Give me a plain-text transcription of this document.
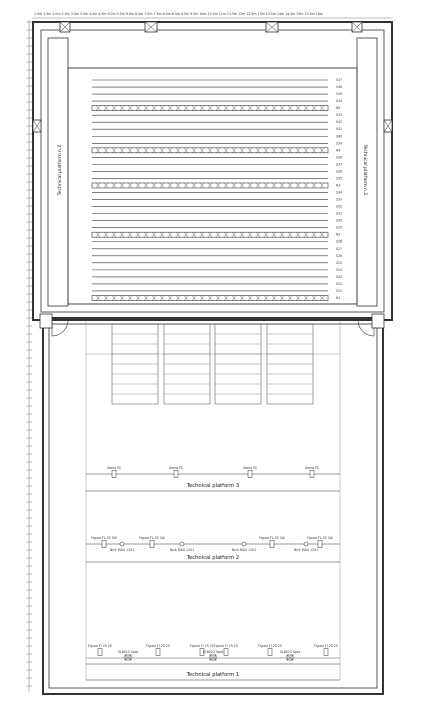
1.0m 1.5m 2.0m 2.5m 3.0m 3.5m 4.0m 4.5m 5.0m 5.5m 6.0m 6.5m 7.0m 7.5m 8.0m 8.5m 9.0m 9.5m 10m 10.5m 11m 11.5m 12m 12.5m 13m 13.5m 14m 14.5m 15m 15.5m 16m
Technical platform n.2	Technical platform n.2
S47
S46
S45
S44
N5
S43
S42
S41
S40
S39
N4
S38
S37
S36
S35
N3
S34
S33
S32
S31
S30
S29
N2
S28
S27
S26
S25
S24
S23
S22
S21
N1
Arena PC	Arena PC	Arena PC	Arena PC
Technical platform 3
Figura FL 25 2W	Figura FL 25 2W	Figura FL 25 2W	Figura FL 25 2W
Nick MAG 1201	Nick MAG 1201	Nick MAG 1201	Nick MAG 1201
Technical platform 2
Figura Fl 25 25	Figura Fl 25 25	Figura Fl 25 25 Figura Fl 25 25	Figura Fl 25 25	Figura Fl 25 25
SL8023 Spot	SL8023 Spot	SL8023 Spot
Technical platform 1
